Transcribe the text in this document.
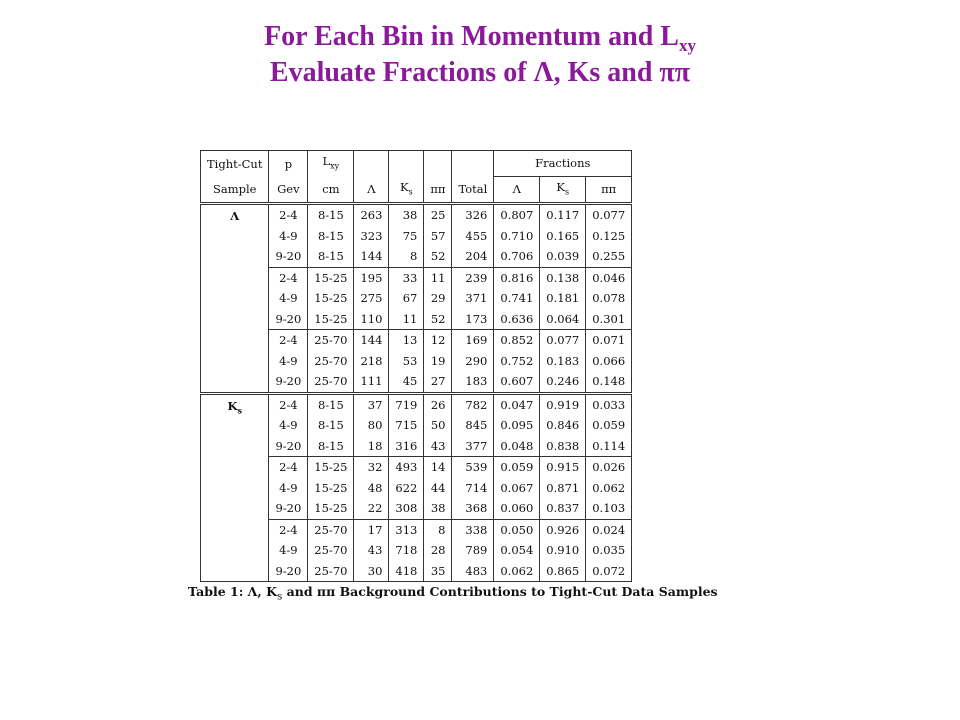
For Each Bin in Momentum and $L_{xy}$
Evaluate Fractions of Λ, Ks and ππ
Tight-Cut	p	$L_{xy}$					Fractions		
Sample	Gev	cm	Λ	$K_s$	ππ	Total	Λ	$K_s$	ππ
Λ	2-4	8-15	263	38	25	326	0.807	0.117	0.077
	4-9	8-15	323	75	57	455	0.710	0.165	0.125
	9-20	8-15	144	8	52	204	0.706	0.039	0.255
	2-4	15-25	195	33	11	239	0.816	0.138	0.046
	4-9	15-25	275	67	29	371	0.741	0.181	0.078
	9-20	15-25	110	11	52	173	0.636	0.064	0.301
	2-4	25-70	144	13	12	169	0.852	0.077	0.071
	4-9	25-70	218	53	19	290	0.752	0.183	0.066
	9-20	25-70	111	45	27	183	0.607	0.246	0.148
$K_s$	2-4	8-15	37	719	26	782	0.047	0.919	0.033
	4-9	8-15	80	715	50	845	0.095	0.846	0.059
	9-20	8-15	18	316	43	377	0.048	0.838	0.114
	2-4	15-25	32	493	14	539	0.059	0.915	0.026
	4-9	15-25	48	622	44	714	0.067	0.871	0.062
	9-20	15-25	22	308	38	368	0.060	0.837	0.103
	2-4	25-70	17	313	8	338	0.050	0.926	0.024
	4-9	25-70	43	718	28	789	0.054	0.910	0.035
	9-20	25-70	30	418	35	483	0.062	0.865	0.072
Table 1: Λ, $K_s$ and ππ Background Contributions to Tight-Cut Data Samples
